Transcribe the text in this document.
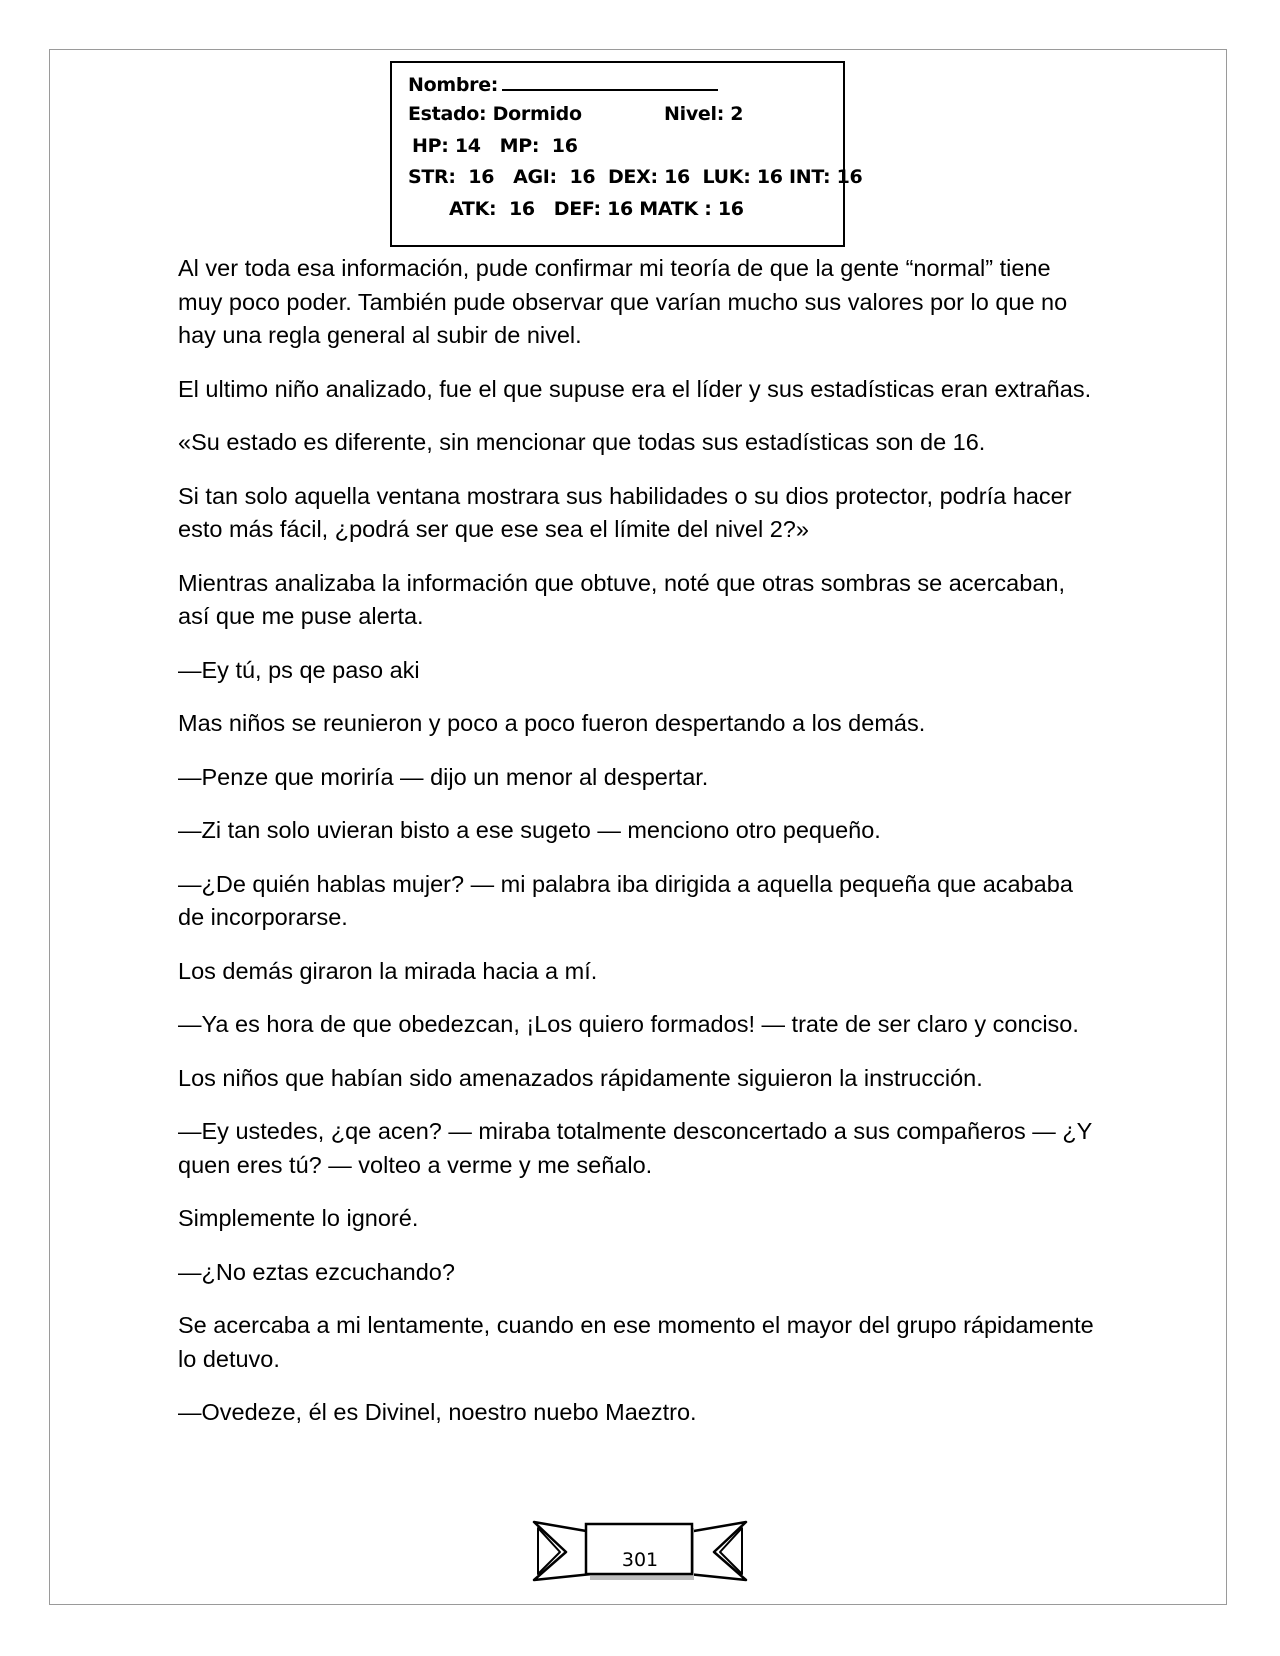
Nombre:
Estado: Dormido	Nivel: 2
HP: 14   MP:  16
STR:  16   AGI:  16  DEX: 16  LUK: 16 INT: 16
ATK:  16   DEF: 16 MATK : 16

Al ver toda esa información, pude confirmar mi teoría de que la gente “normal” tiene muy poco poder. También pude observar que varían mucho sus valores por lo que no hay una regla general al subir de nivel.

El ultimo niño analizado, fue el que supuse era el líder y sus estadísticas eran extrañas.

«Su estado es diferente, sin mencionar que todas sus estadísticas son de 16.

Si tan solo aquella ventana mostrara sus habilidades o su dios protector, podría hacer esto más fácil, ¿podrá ser que ese sea el límite del nivel 2?»

Mientras analizaba la información que obtuve, noté que otras sombras se acercaban, así que me puse alerta.

—Ey tú, ps qe paso aki

Mas niños se reunieron y poco a poco fueron despertando a los demás.

—Penze que moriría — dijo un menor al despertar.

—Zi tan solo uvieran bisto a ese sugeto — menciono otro pequeño.

—¿De quién hablas mujer? — mi palabra iba dirigida a aquella pequeña que acababa de incorporarse.

Los demás giraron la mirada hacia a mí.

—Ya es hora de que obedezcan, ¡Los quiero formados! — trate de ser claro y conciso.

Los niños que habían sido amenazados rápidamente siguieron la instrucción.

—Ey ustedes, ¿qe acen? — miraba totalmente desconcertado a sus compañeros — ¿Y quen eres tú? — volteo a verme y me señalo.

Simplemente lo ignoré.

—¿No eztas ezcuchando?

Se acercaba a mi lentamente, cuando en ese momento el mayor del grupo rápidamente lo detuvo.

—Ovedeze, él es Divinel, noestro nuebo Maeztro.

301
